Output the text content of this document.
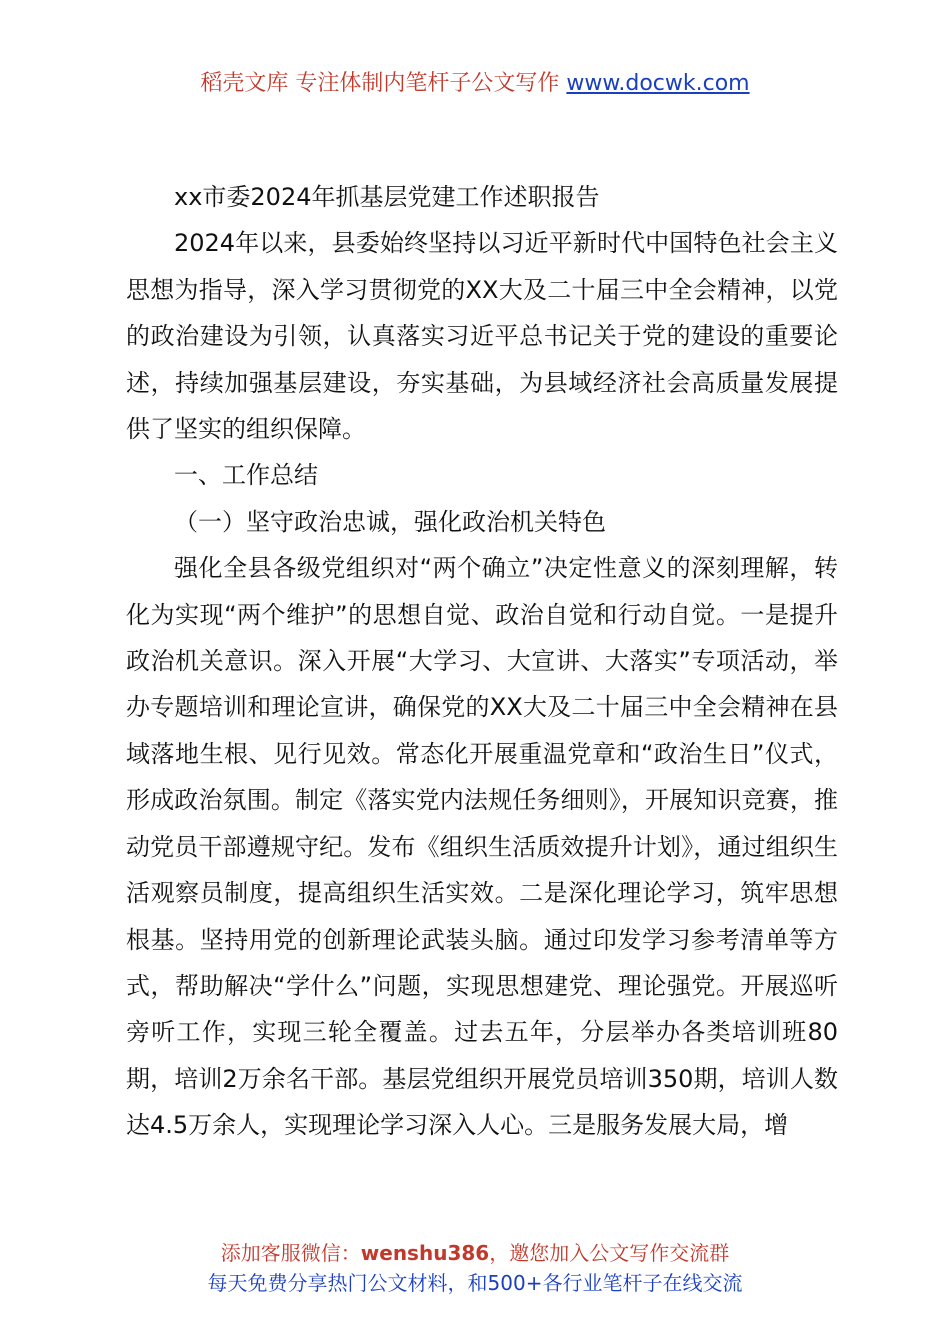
稻壳文库 专注体制内笔杆子公文写作 www.docwk.com

xx市委2024年抓基层党建工作述职报告

2024年以来，县委始终坚持以习近平新时代中国特色社会主义思想为指导，深入学习贯彻党的XX大及二十届三中全会精神，以党的政治建设为引领，认真落实习近平总书记关于党的建设的重要论述，持续加强基层建设，夯实基础，为县域经济社会高质量发展提供了坚实的组织保障。

一、工作总结

（一）坚守政治忠诚，强化政治机关特色

强化全县各级党组织对“两个确立”决定性意义的深刻理解，转化为实现“两个维护”的思想自觉、政治自觉和行动自觉。一是提升政治机关意识。深入开展“大学习、大宣讲、大落实”专项活动，举办专题培训和理论宣讲，确保党的XX大及二十届三中全会精神在县域落地生根、见行见效。常态化开展重温党章和“政治生日”仪式，形成政治氛围。制定《落实党内法规任务细则》，开展知识竞赛，推动党员干部遵规守纪。发布《组织生活质效提升计划》，通过组织生活观察员制度，提高组织生活实效。二是深化理论学习，筑牢思想根基。坚持用党的创新理论武装头脑。通过印发学习参考清单等方式，帮助解决“学什么”问题，实现思想建党、理论强党。开展巡听旁听工作，实现三轮全覆盖。过去五年，分层举办各类培训班80期，培训2万余名干部。基层党组织开展党员培训350期，培训人数达4.5万余人，实现理论学习深入人心。三是服务发展大局，增

添加客服微信：wenshu386，邀您加入公文写作交流群
每天免费分享热门公文材料，和500+各行业笔杆子在线交流
